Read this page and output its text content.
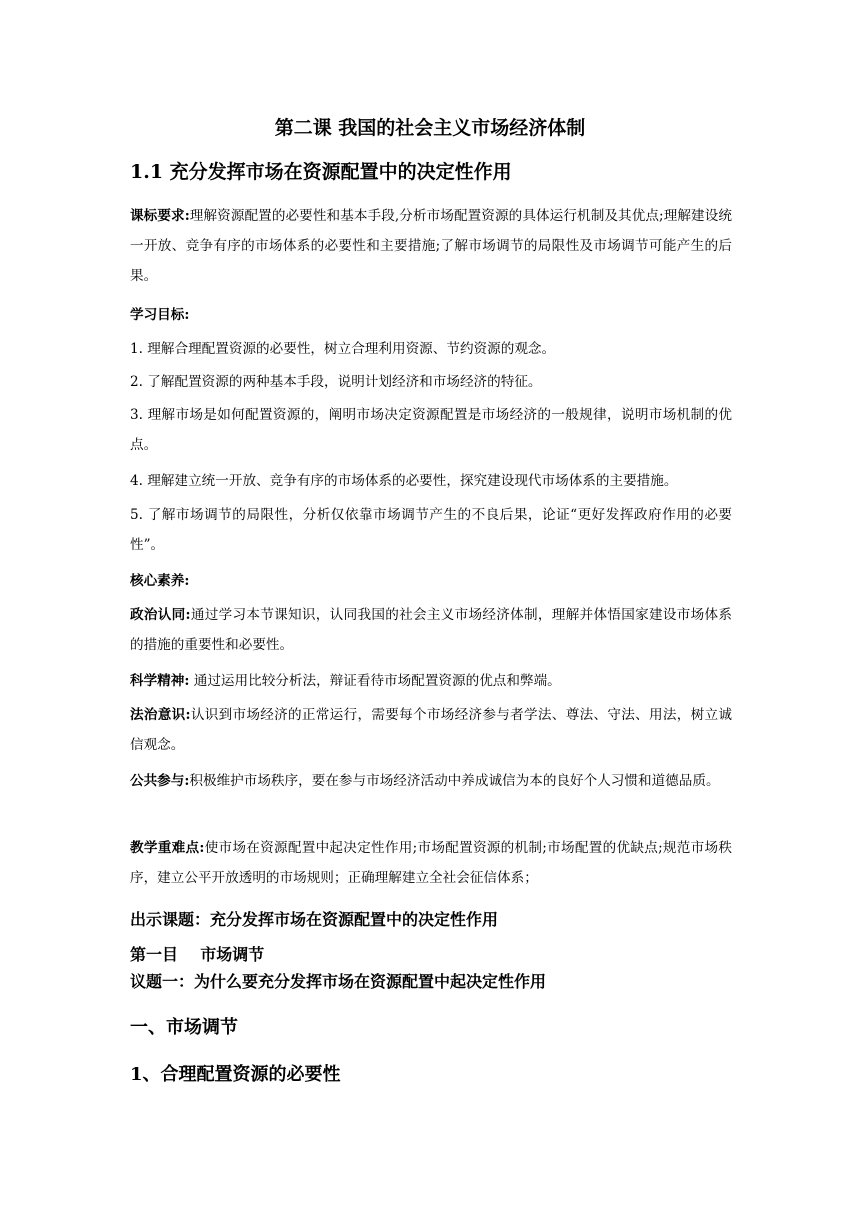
第二课 我国的社会主义市场经济体制
1.1 充分发挥市场在资源配置中的决定性作用

课标要求:理解资源配置的必要性和基本手段,分析市场配置资源的具体运行机制及其优点;理解建设统一开放、竞争有序的市场体系的必要性和主要措施;了解市场调节的局限性及市场调节可能产生的后果。

学习目标:

1. 理解合理配置资源的必要性，树立合理利用资源、节约资源的观念。

2. 了解配置资源的两种基本手段，说明计划经济和市场经济的特征。

3. 理解市场是如何配置资源的，阐明市场决定资源配置是市场经济的一般规律，说明市场机制的优点。

4. 理解建立统一开放、竞争有序的市场体系的必要性，探究建设现代市场体系的主要措施。

5. 了解市场调节的局限性，分析仅依靠市场调节产生的不良后果，论证“更好发挥政府作用的必要性”。

核心素养:

政治认同:通过学习本节课知识，认同我国的社会主义市场经济体制，理解并体悟国家建设市场体系的措施的重要性和必要性。

科学精神: 通过运用比较分析法，辩证看待市场配置资源的优点和弊端。

法治意识:认识到市场经济的正常运行，需要每个市场经济参与者学法、尊法、守法、用法，树立诚信观念。

公共参与:积极维护市场秩序，要在参与市场经济活动中养成诚信为本的良好个人习惯和道德品质。

教学重难点:使市场在资源配置中起决定性作用;市场配置资源的机制;市场配置的优缺点;规范市场秩序，建立公平开放透明的市场规则；正确理解建立全社会征信体系；

出示课题：充分发挥市场在资源配置中的决定性作用
第一目    市场调节
议题一：为什么要充分发挥市场在资源配置中起决定性作用
一、市场调节
1、合理配置资源的必要性
